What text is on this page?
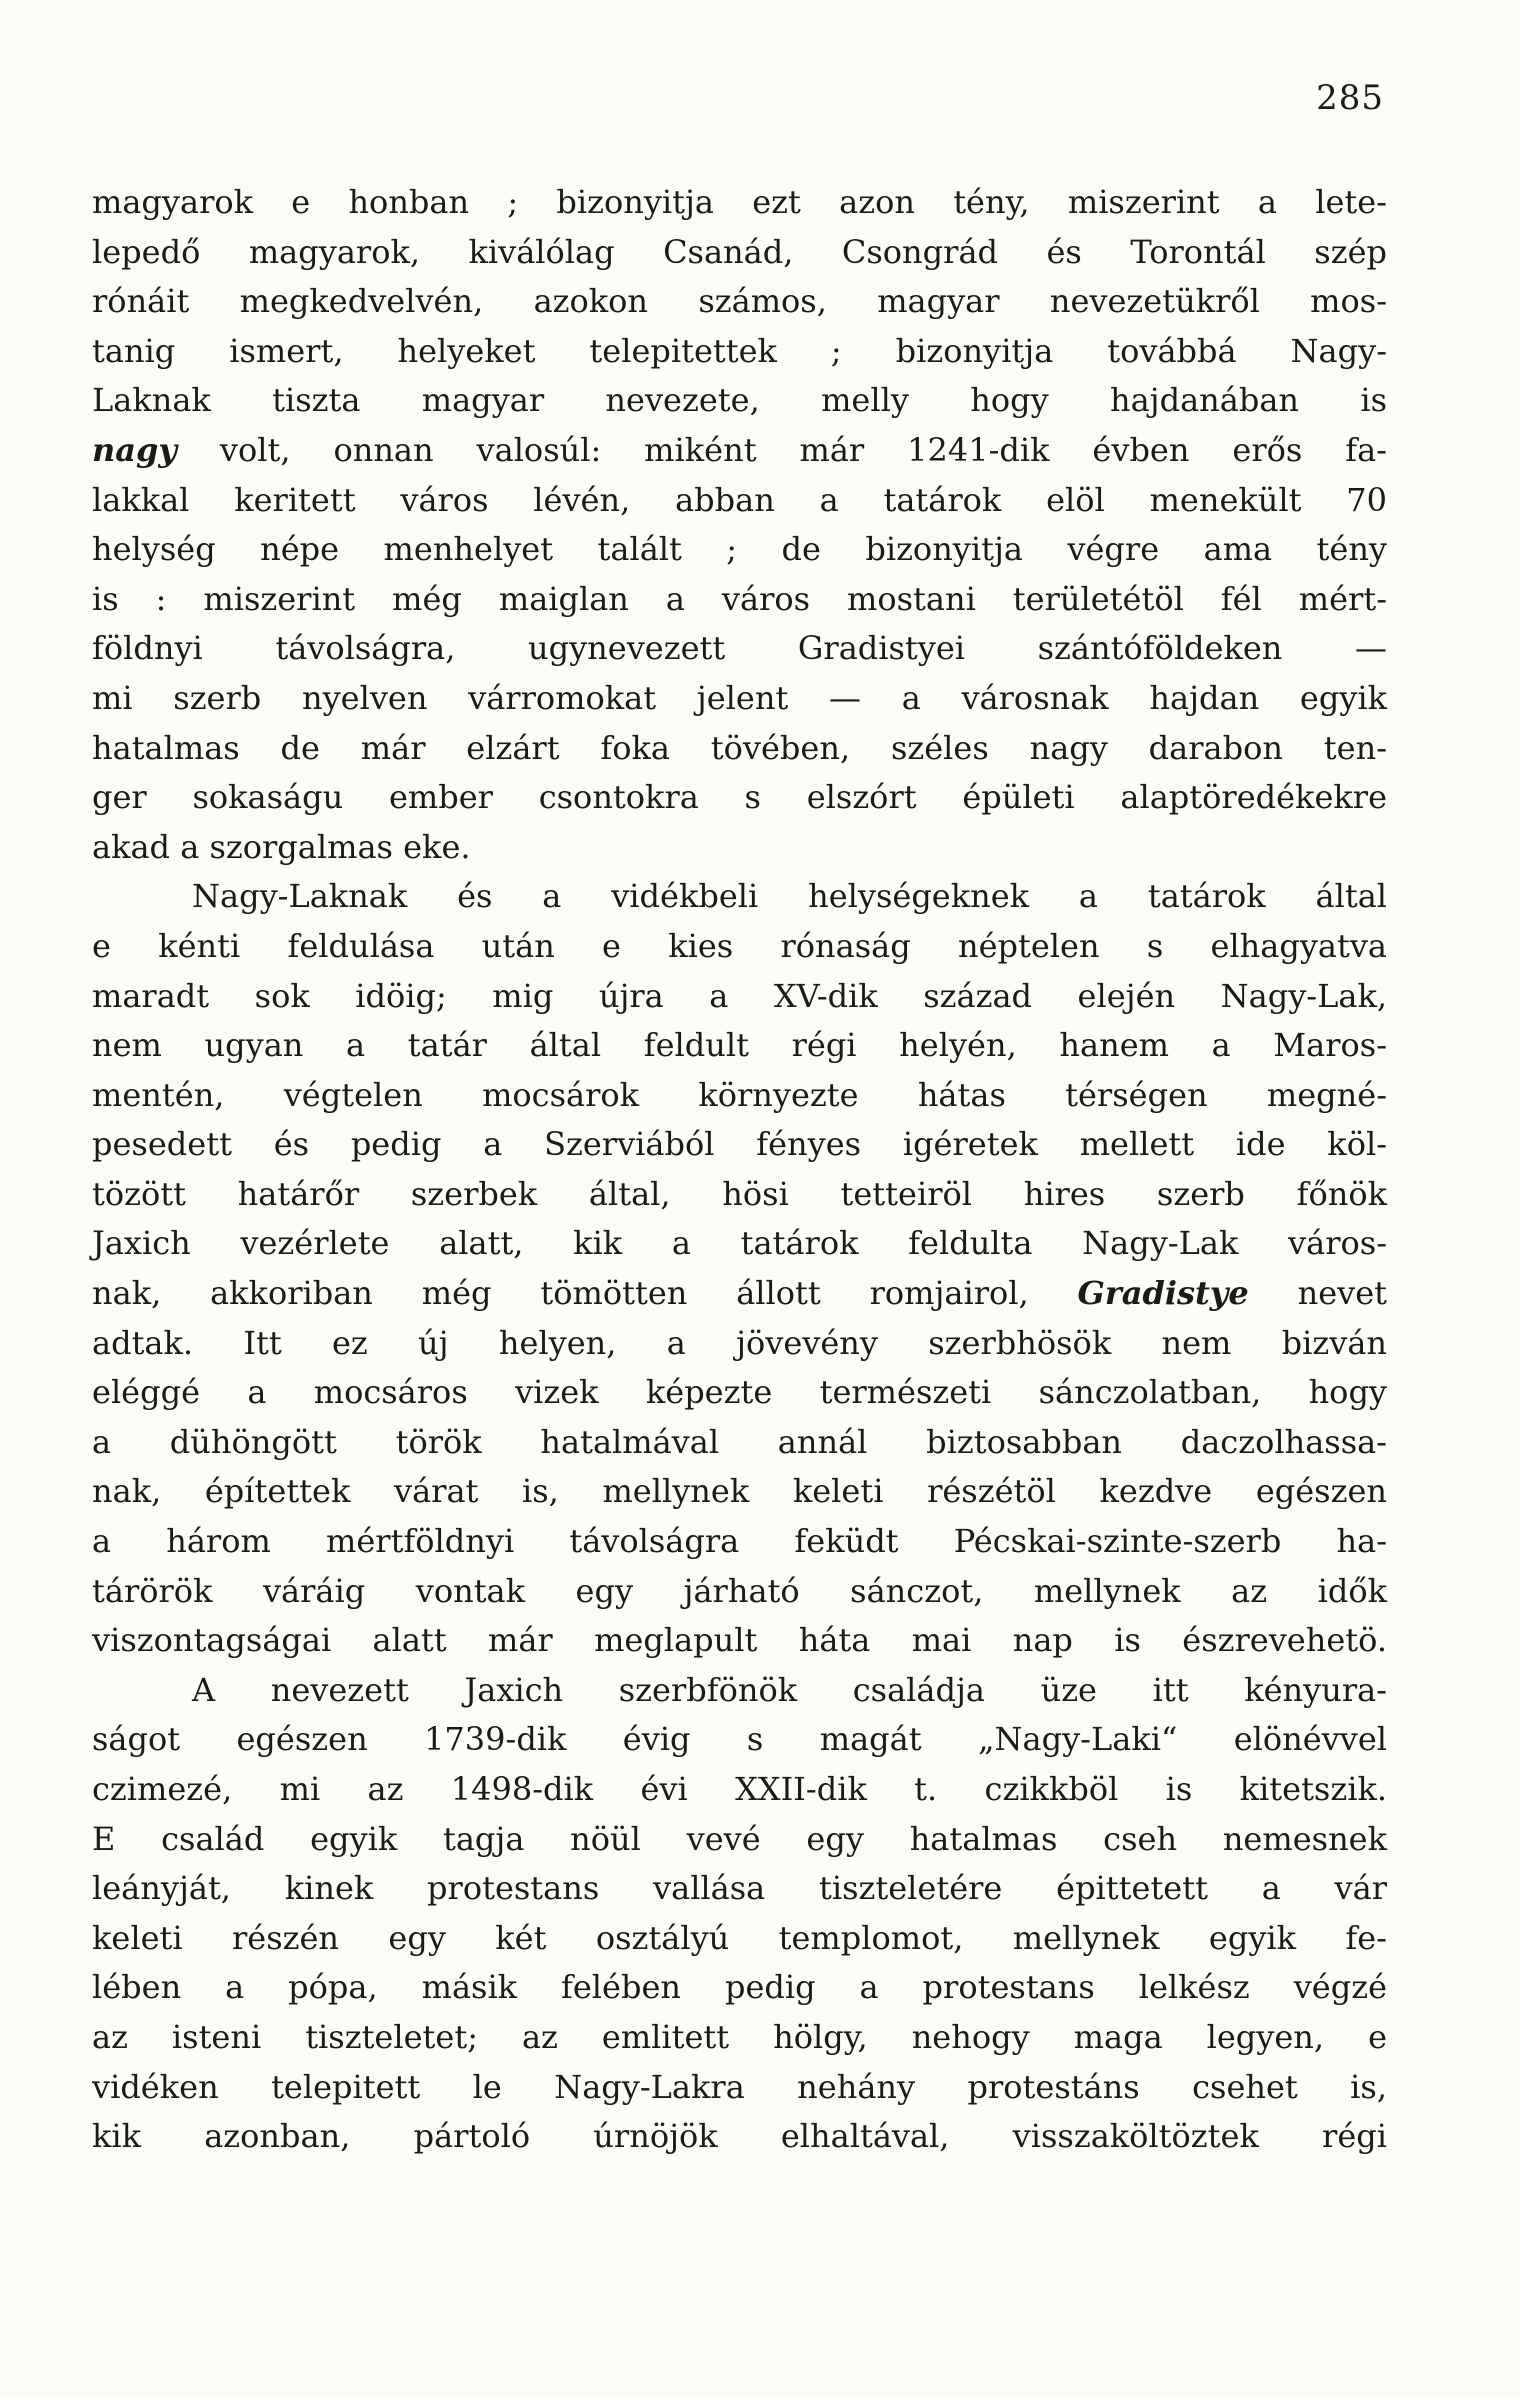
285
magyarok e honban ; bizonyitja ezt azon tény, miszerint a lete-
lepedő magyarok, kiválólag Csanád, Csongrád és Torontál szép
rónáit megkedvelvén, azokon számos, magyar nevezetükről mos-
tanig ismert, helyeket telepitettek ; bizonyitja továbbá Nagy-
Laknak tiszta magyar nevezete, melly hogy hajdanában is
nagy volt, onnan valosúl: miként már 1241-dik évben erős fa-
lakkal keritett város lévén, abban a tatárok elöl menekült 70
helység népe menhelyet talált ; de bizonyitja végre ama tény
is : miszerint még maiglan a város mostani területétöl fél mért-
földnyi távolságra, ugynevezett Gradistyei szántóföldeken —
mi szerb nyelven várromokat jelent — a városnak hajdan egyik
hatalmas de már elzárt foka tövében, széles nagy darabon ten-
ger sokaságu ember csontokra s elszórt épületi alaptöredékekre
akad a szorgalmas eke.
Nagy-Laknak és a vidékbeli helységeknek a tatárok által
e kénti feldulása után e kies rónaság néptelen s elhagyatva
maradt sok idöig; mig újra a XV-dik század elején Nagy-Lak,
nem ugyan a tatár által feldult régi helyén, hanem a Maros-
mentén, végtelen mocsárok környezte hátas térségen megné-
pesedett és pedig a Szerviából fényes igéretek mellett ide köl-
tözött határőr szerbek által, hösi tetteiröl hires szerb főnök
Jaxich vezérlete alatt, kik a tatárok feldulta Nagy-Lak város-
nak, akkoriban még tömötten állott romjairol, Gradistye nevet
adtak. Itt ez új helyen, a jövevény szerbhösök nem bizván
eléggé a mocsáros vizek képezte természeti sánczolatban, hogy
a dühöngött török hatalmával annál biztosabban daczolhassa-
nak, építettek várat is, mellynek keleti részétöl kezdve egészen
a három mértföldnyi távolságra feküdt Pécskai-szinte-szerb ha-
tárörök váráig vontak egy járható sánczot, mellynek az idők
viszontagságai alatt már meglapult háta mai nap is észrevehetö.
A nevezett Jaxich szerbfönök családja üze itt kényura-
ságot egészen 1739-dik évig s magát „Nagy-Laki“ elönévvel
czimezé, mi az 1498-dik évi XXII-dik t. czikkböl is kitetszik.
E család egyik tagja nöül vevé egy hatalmas cseh nemesnek
leányját, kinek protestans vallása tiszteletére épittetett a vár
keleti részén egy két osztályú templomot, mellynek egyik fe-
lében a pópa, másik felében pedig a protestans lelkész végzé
az isteni tiszteletet; az emlitett hölgy, nehogy maga legyen, e
vidéken telepitett le Nagy-Lakra nehány protestáns csehet is,
kik azonban, pártoló úrnöjök elhaltával, visszaköltöztek régi
